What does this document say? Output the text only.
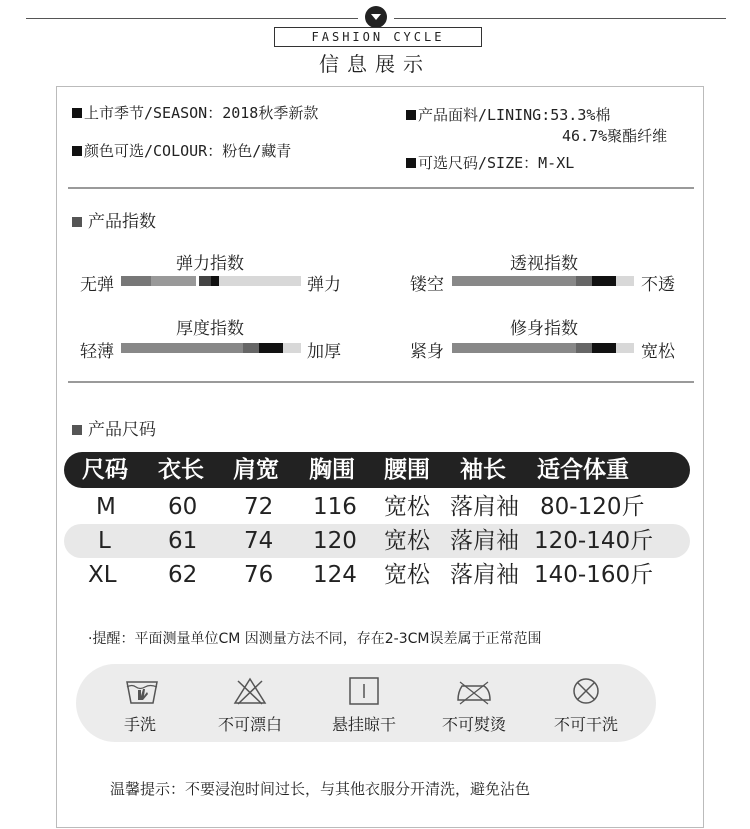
FASHION CYCLE
信息展示
上市季节/SEASON：2018秋季新款
颜色可选/COLOUR：粉色/藏青
产品面料/LINING:53.3%棉
46.7%聚酯纤维
可选尺码/SIZE：M-XL
产品指数
弹力指数
无弹	弹力
透视指数
镂空	不透
厚度指数
轻薄	加厚
修身指数
紧身	宽松
产品尺码
尺码 衣长 肩宽 胸围 腰围 袖长 适合体重
M 60 72 116 宽松 落肩袖 80-120斤
L 61 74 120 宽松 落肩袖 120-140斤
XL 62 76 124 宽松 落肩袖 140-160斤
·提醒：平面测量单位CM 因测量方法不同，存在2-3CM误差属于正常范围
手洗	不可漂白	悬挂晾干	不可熨烫	不可干洗
温馨提示：不要浸泡时间过长，与其他衣服分开清洗，避免沾色
